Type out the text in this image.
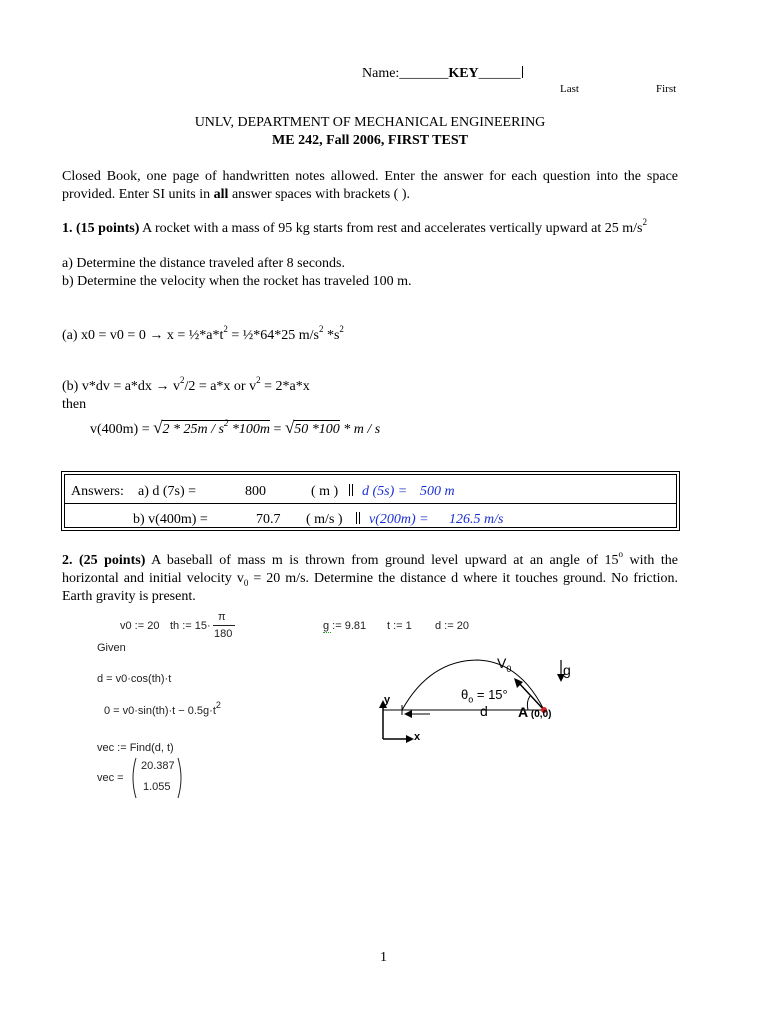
Name:_______KEY______
Last	First
UNLV, DEPARTMENT OF MECHANICAL ENGINEERING
ME 242, Fall 2006, FIRST TEST
Closed Book, one page of handwritten notes allowed. Enter the answer for each question into the space provided. Enter SI units in all answer spaces with brackets ( ).
1. (15 points) A rocket with a mass of 95 kg starts from rest and accelerates vertically upward at 25 $m/s^2$
a) Determine the distance traveled after 8 seconds.
b) Determine the velocity when the rocket has traveled 100 m.
(a) $x0 = v0 = 0 \to x = \frac{1}{2}*a*t^2$ = ½*64*25 $m/s^2$ $*s^2$
(b) $v*dv = a*dx \to v^2/2 = a*x$ or $v^2 = 2*a*x$
then
$v(400m) = √2 * 25m / s^2$ *100m = √50 *100 * m / s
Answers: a) d (7s) =	800	( m ) d (5s) = 500 m
b) v(400m) =	70.7 ( m/s ) v(200m) = 126.5 m/s
2. (25 points) A baseball of mass m is thrown from ground level upward at an angle of 15$^o$ with the horizontal and initial velocity $v_0 = 20$ m/s. Determine the distance d where it touches ground. No friction. Earth gravity is present.
v0 := 20 th := 15·
π
180
g := 9.81 t := 1 d := 20
Given
d = v0·cos(th)·t
$0 = v0\cdot\sin(th)\cdot t - 0.5g\cdot t^2$
vec := Find(d, t)
vec =
20.387
1.055
$V_0$	g
y
x
$\theta_o = 15^\circ$
d A (0,0)
1
